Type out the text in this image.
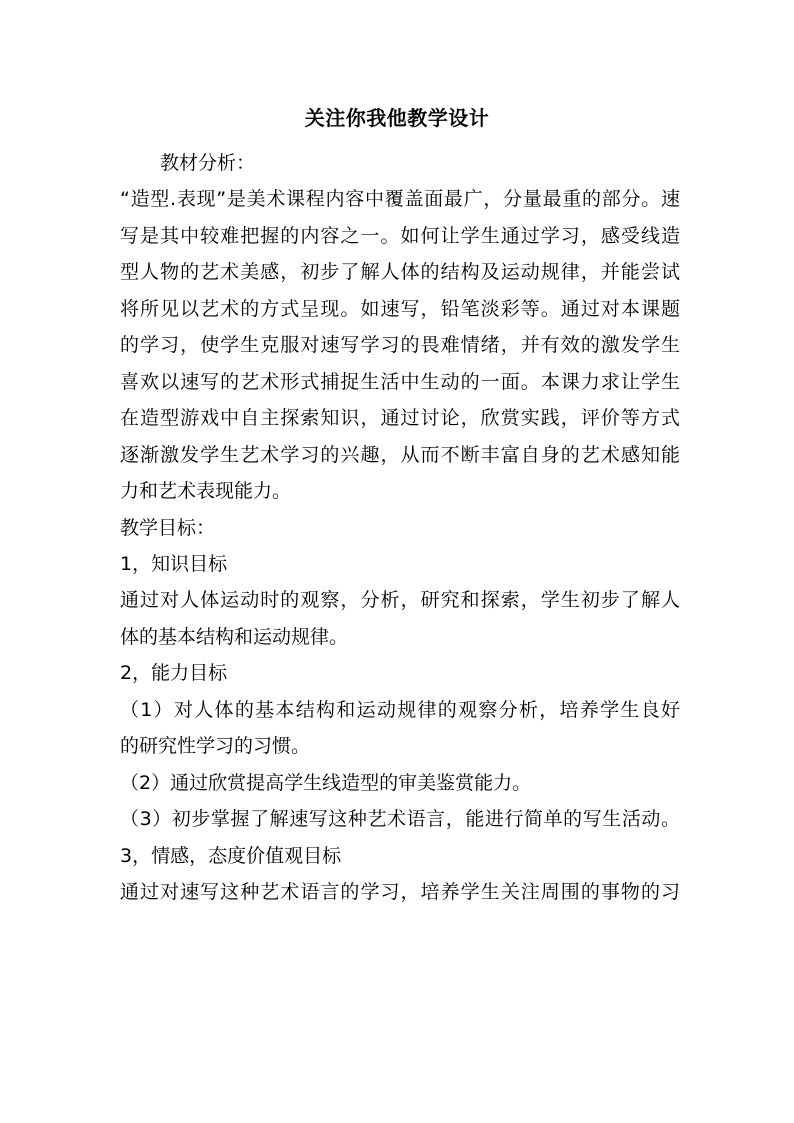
关注你我他教学设计
教材分析：
“造型.表现”是美术课程内容中覆盖面最广，分量最重的部分。速
写是其中较难把握的内容之一。如何让学生通过学习，感受线造
型人物的艺术美感，初步了解人体的结构及运动规律，并能尝试
将所见以艺术的方式呈现。如速写，铅笔淡彩等。通过对本课题
的学习，使学生克服对速写学习的畏难情绪，并有效的激发学生
喜欢以速写的艺术形式捕捉生活中生动的一面。本课力求让学生
在造型游戏中自主探索知识，通过讨论，欣赏实践，评价等方式
逐渐激发学生艺术学习的兴趣，从而不断丰富自身的艺术感知能
力和艺术表现能力。
教学目标：
1，知识目标
通过对人体运动时的观察，分析，研究和探索，学生初步了解人
体的基本结构和运动规律。
2，能力目标
（1）对人体的基本结构和运动规律的观察分析，培养学生良好
的研究性学习的习惯。
（2）通过欣赏提高学生线造型的审美鉴赏能力。
（3）初步掌握了解速写这种艺术语言，能进行简单的写生活动。
3，情感，态度价值观目标
通过对速写这种艺术语言的学习，培养学生关注周围的事物的习
